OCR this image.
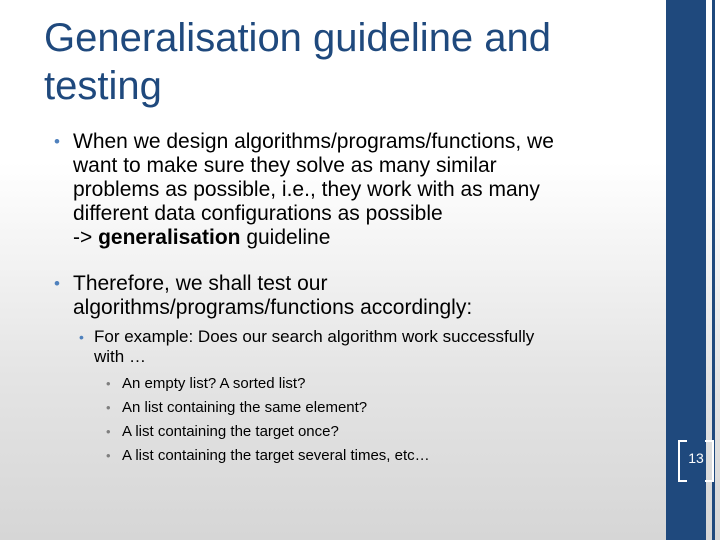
Generalisation guideline and
testing
• When we design algorithms/programs/functions, we
want to make sure they solve as many similar
problems as possible, i.e., they work with as many
different data configurations as possible
-> generalisation guideline
• Therefore, we shall test our
algorithms/programs/functions accordingly:
• For example: Does our search algorithm work successfully
with …
• An empty list? A sorted list?
• An list containing the same element?
• A list containing the target once?
• A list containing the target several times, etc…	13
